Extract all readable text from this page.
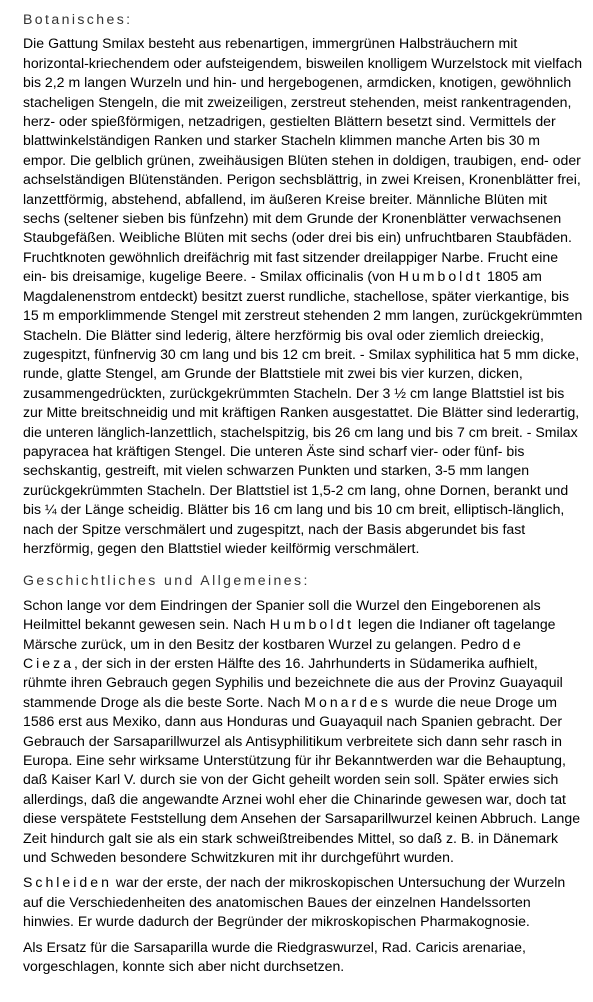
Botanisches:

Die Gattung Smilax besteht aus rebenartigen, immergrünen Halbsträuchern mit horizontal-kriechendem oder aufsteigendem, bisweilen knolligem Wurzelstock mit vielfach bis 2,2 m langen Wurzeln und hin- und hergebogenen, armdicken, knotigen, gewöhnlich stacheligen Stengeln, die mit zweizeiligen, zerstreut stehenden, meist rankentragenden, herz- oder spießförmigen, netzadrigen, gestielten Blättern besetzt sind. Vermittels der blattwinkelständigen Ranken und starker Stacheln klimmen manche Arten bis 30 m empor. Die gelblich grünen, zweihäusigen Blüten stehen in doldigen, traubigen, end- oder achselständigen Blütenständen. Perigon sechsblättrig, in zwei Kreisen, Kronenblätter frei, lanzettförmig, abstehend, abfallend, im äußeren Kreise breiter. Männliche Blüten mit sechs (seltener sieben bis fünfzehn) mit dem Grunde der Kronenblätter verwachsenen Staubgefäßen. Weibliche Blüten mit sechs (oder drei bis ein) unfruchtbaren Staubfäden. Fruchtknoten gewöhnlich dreifächrig mit fast sitzender dreilappiger Narbe. Frucht eine ein- bis dreisamige, kugelige Beere. - Smilax officinalis (von Humboldt 1805 am Magdalenenstrom entdeckt) besitzt zuerst rundliche, stachellose, später vierkantige, bis 15 m emporklimmende Stengel mit zerstreut stehenden 2 mm langen, zurückgekrümmten Stacheln. Die Blätter sind lederig, ältere herzförmig bis oval oder ziemlich dreieckig, zugespitzt, fünfnervig 30 cm lang und bis 12 cm breit. - Smilax syphilitica hat 5 mm dicke, runde, glatte Stengel, am Grunde der Blattstiele mit zwei bis vier kurzen, dicken, zusammengedrückten, zurückgekrümmten Stacheln. Der 3 ½ cm lange Blattstiel ist bis zur Mitte breitschneidig und mit kräftigen Ranken ausgestattet. Die Blätter sind lederartig, die unteren länglich-lanzettlich, stachelspitzig, bis 26 cm lang und bis 7 cm breit. - Smilax papyracea hat kräftigen Stengel. Die unteren Äste sind scharf vier- oder fünf- bis sechskantig, gestreift, mit vielen schwarzen Punkten und starken, 3-5 mm langen zurückgekrümmten Stacheln. Der Blattstiel ist 1,5-2 cm lang, ohne Dornen, berankt und bis ¼ der Länge scheidig. Blätter bis 16 cm lang und bis 10 cm breit, elliptisch-länglich, nach der Spitze verschmälert und zugespitzt, nach der Basis abgerundet bis fast herzförmig, gegen den Blattstiel wieder keilförmig verschmälert.

Geschichtliches und Allgemeines:

Schon lange vor dem Eindringen der Spanier soll die Wurzel den Eingeborenen als Heilmittel bekannt gewesen sein. Nach Humboldt legen die Indianer oft tagelange Märsche zurück, um in den Besitz der kostbaren Wurzel zu gelangen. Pedro de Cieza, der sich in der ersten Hälfte des 16. Jahrhunderts in Südamerika aufhielt, rühmte ihren Gebrauch gegen Syphilis und bezeichnete die aus der Provinz Guayaquil stammende Droge als die beste Sorte. Nach Monardes wurde die neue Droge um 1586 erst aus Mexiko, dann aus Honduras und Guayaquil nach Spanien gebracht. Der Gebrauch der Sarsaparillwurzel als Antisyphilitikum verbreitete sich dann sehr rasch in Europa. Eine sehr wirksame Unterstützung für ihr Bekanntwerden war die Behauptung, daß Kaiser Karl V. durch sie von der Gicht geheilt worden sein soll. Später erwies sich allerdings, daß die angewandte Arznei wohl eher die Chinarinde gewesen war, doch tat diese verspätete Feststellung dem Ansehen der Sarsaparillwurzel keinen Abbruch. Lange Zeit hindurch galt sie als ein stark schweißtreibendes Mittel, so daß z. B. in Dänemark und Schweden besondere Schwitzkuren mit ihr durchgeführt wurden.

Schleiden war der erste, der nach der mikroskopischen Untersuchung der Wurzeln auf die Verschiedenheiten des anatomischen Baues der einzelnen Handelssorten hinwies. Er wurde dadurch der Begründer der mikroskopischen Pharmakognosie.

Als Ersatz für die Sarsaparilla wurde die Riedgraswurzel, Rad. Caricis arenariae, vorgeschlagen, konnte sich aber nicht durchsetzen.
